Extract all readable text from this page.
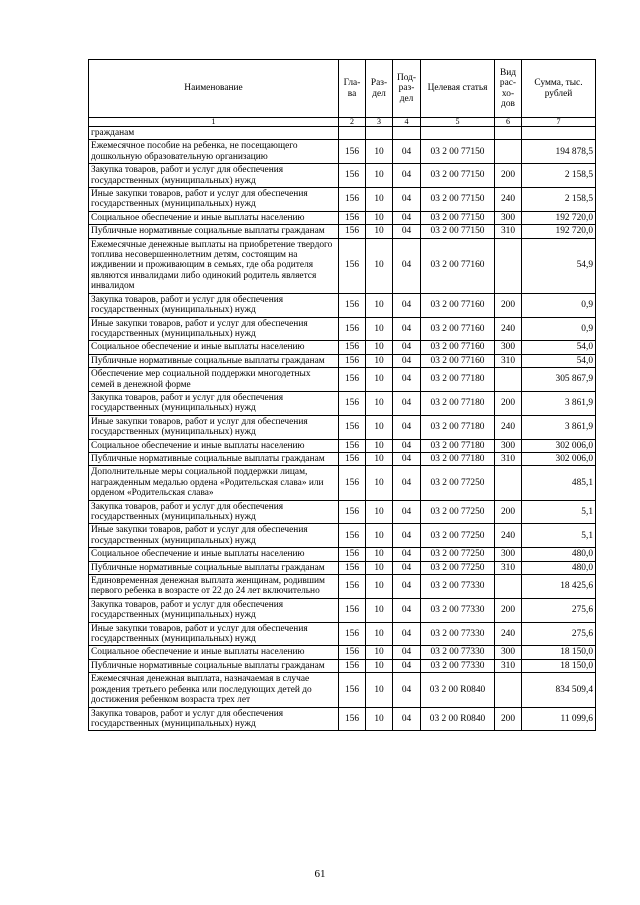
Наименование	Гла-ва	Раз-дел	Под-раз-дел	Целевая статья	Вид рас-хо-дов	Сумма, тыс. рублей
1	2	3	4	5	6	7
гражданам						
Ежемесячное пособие на ребенка, не посещающего дошкольную образовательную организацию	156	10	04	03 2 00 77150		194 878,5
Закупка товаров, работ и услуг для обеспечения государственных (муниципальных) нужд	156	10	04	03 2 00 77150	200	2 158,5
Иные закупки товаров, работ и услуг для обеспечения государственных (муниципальных) нужд	156	10	04	03 2 00 77150	240	2 158,5
Социальное обеспечение и иные выплаты населению	156	10	04	03 2 00 77150	300	192 720,0
Публичные нормативные социальные выплаты гражданам	156	10	04	03 2 00 77150	310	192 720,0
Ежемесячные денежные выплаты на приобретение твердого топлива несовершеннолетним детям, состоящим на иждивении и проживающим в семьях, где оба родителя являются инвалидами либо одинокий родитель является инвалидом	156	10	04	03 2 00 77160		54,9
Закупка товаров, работ и услуг для обеспечения государственных (муниципальных) нужд	156	10	04	03 2 00 77160	200	0,9
Иные закупки товаров, работ и услуг для обеспечения государственных (муниципальных) нужд	156	10	04	03 2 00 77160	240	0,9
Социальное обеспечение и иные выплаты населению	156	10	04	03 2 00 77160	300	54,0
Публичные нормативные социальные выплаты гражданам	156	10	04	03 2 00 77160	310	54,0
Обеспечение мер социальной поддержки многодетных семей в денежной форме	156	10	04	03 2 00 77180		305 867,9
Закупка товаров, работ и услуг для обеспечения государственных (муниципальных) нужд	156	10	04	03 2 00 77180	200	3 861,9
Иные закупки товаров, работ и услуг для обеспечения государственных (муниципальных) нужд	156	10	04	03 2 00 77180	240	3 861,9
Социальное обеспечение и иные выплаты населению	156	10	04	03 2 00 77180	300	302 006,0
Публичные нормативные социальные выплаты гражданам	156	10	04	03 2 00 77180	310	302 006,0
Дополнительные меры социальной поддержки лицам, награжденным медалью ордена «Родительская слава» или орденом «Родительская слава»	156	10	04	03 2 00 77250		485,1
Закупка товаров, работ и услуг для обеспечения государственных (муниципальных) нужд	156	10	04	03 2 00 77250	200	5,1
Иные закупки товаров, работ и услуг для обеспечения государственных (муниципальных) нужд	156	10	04	03 2 00 77250	240	5,1
Социальное обеспечение и иные выплаты населению	156	10	04	03 2 00 77250	300	480,0
Публичные нормативные социальные выплаты гражданам	156	10	04	03 2 00 77250	310	480,0
Единовременная денежная выплата женщинам, родившим первого ребенка в возрасте от 22 до 24 лет включительно	156	10	04	03 2 00 77330		18 425,6
Закупка товаров, работ и услуг для обеспечения государственных (муниципальных) нужд	156	10	04	03 2 00 77330	200	275,6
Иные закупки товаров, работ и услуг для обеспечения государственных (муниципальных) нужд	156	10	04	03 2 00 77330	240	275,6
Социальное обеспечение и иные выплаты населению	156	10	04	03 2 00 77330	300	18 150,0
Публичные нормативные социальные выплаты гражданам	156	10	04	03 2 00 77330	310	18 150,0
Ежемесячная денежная выплата, назначаемая в случае рождения третьего ребенка или последующих детей до достижения ребенком возраста трех лет	156	10	04	03 2 00 R0840		834 509,4
Закупка товаров, работ и услуг для обеспечения государственных (муниципальных) нужд	156	10	04	03 2 00 R0840	200	11 099,6
61
